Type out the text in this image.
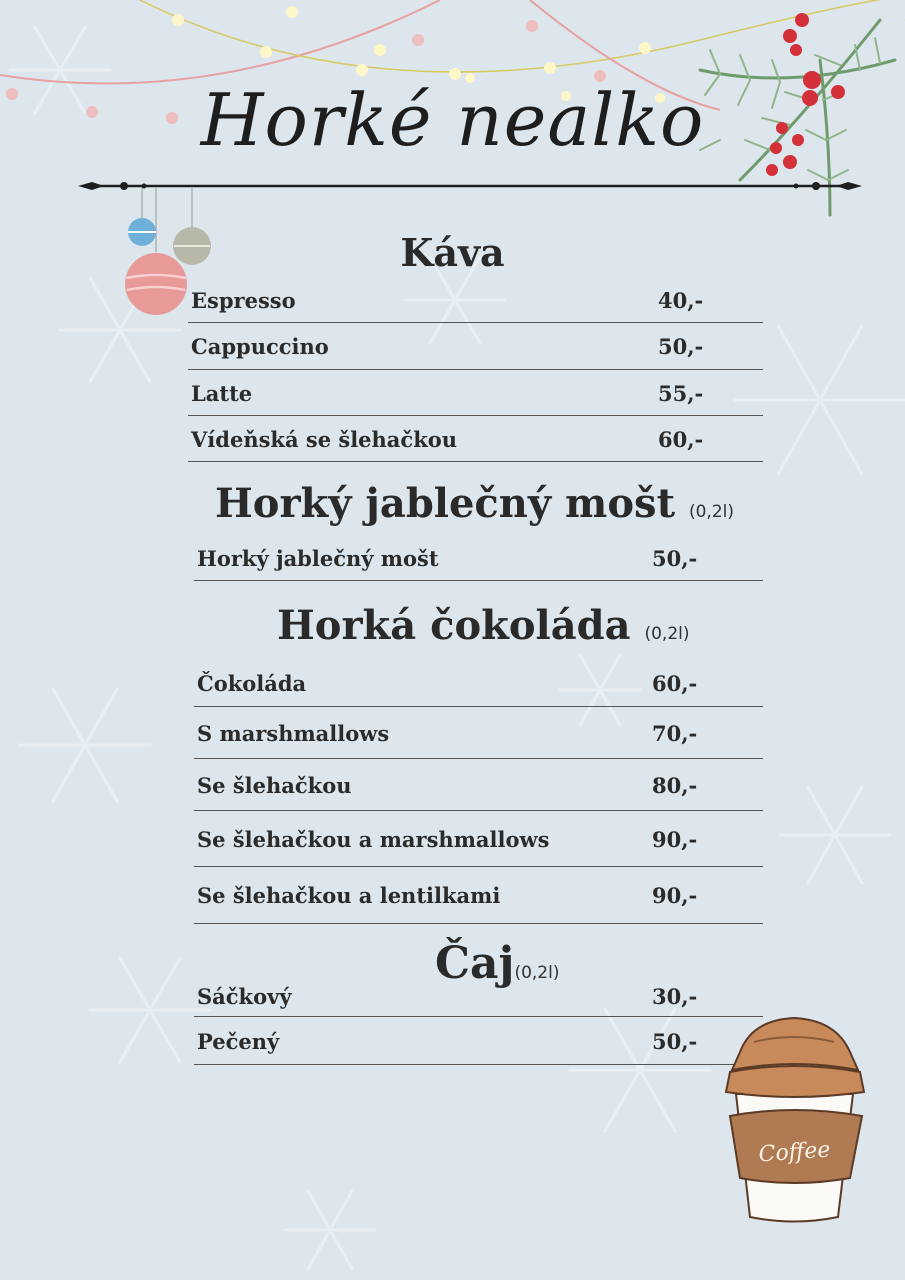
Horké nealko
Káva
Espresso	40,-
Cappuccino	50,-
Latte	55,-
Vídeňská se šlehačkou	60,-
Horký jablečný mošt (0,2l)
Horký jablečný mošt	50,-
Horká čokoláda (0,2l)
Čokoláda	60,-
S marshmallows	70,-
Se šlehačkou	80,-
Se šlehačkou a marshmallows	90,-
Se šlehačkou a lentilkami	90,-
Čaj(0,2l)
Sáčkový	30,-
Pečený	50,-
Coffee
